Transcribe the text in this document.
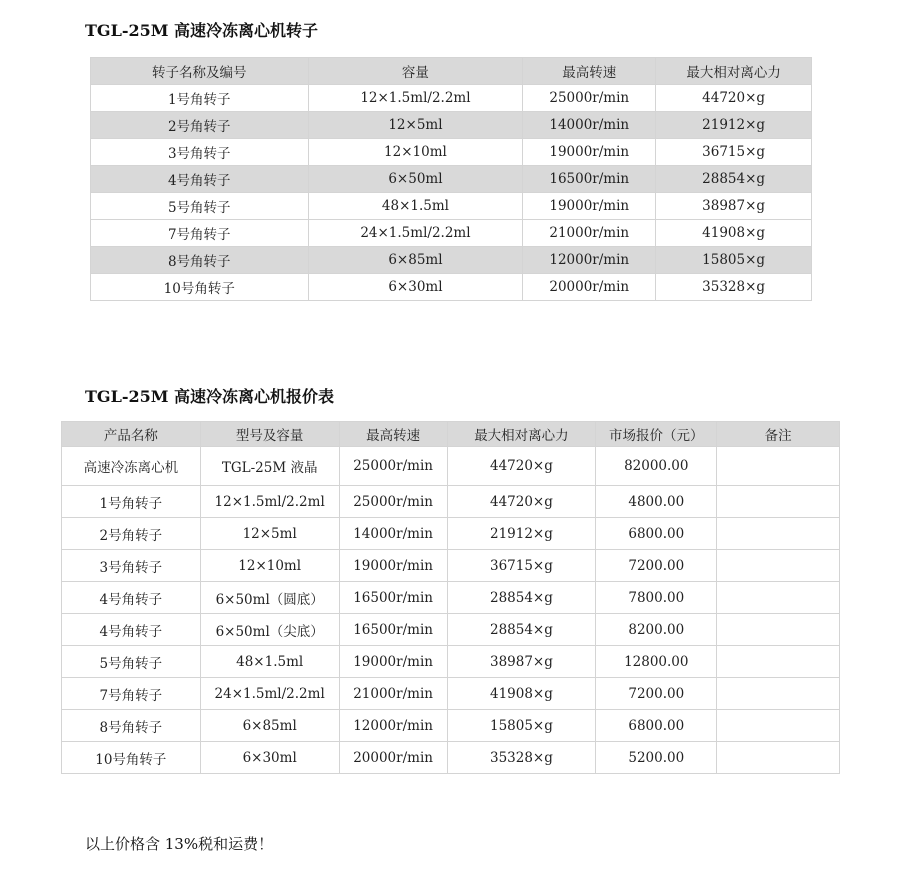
TGL-25M 高速冷冻离心机转子
转子名称及编号	容量	最高转速	最大相对离心力
1号角转子	12×1.5ml/2.2ml	25000r/min	44720×g
2号角转子	12×5ml	14000r/min	21912×g
3号角转子	12×10ml	19000r/min	36715×g
4号角转子	6×50ml	16500r/min	28854×g
5号角转子	48×1.5ml	19000r/min	38987×g
7号角转子	24×1.5ml/2.2ml	21000r/min	41908×g
8号角转子	6×85ml	12000r/min	15805×g
10号角转子	6×30ml	20000r/min	35328×g
TGL-25M 高速冷冻离心机报价表
产品名称	型号及容量	最高转速	最大相对离心力	市场报价（元）	备注
高速冷冻离心机	TGL-25M 液晶	25000r/min	44720×g	82000.00	
1号角转子	12×1.5ml/2.2ml	25000r/min	44720×g	4800.00	
2号角转子	12×5ml	14000r/min	21912×g	6800.00	
3号角转子	12×10ml	19000r/min	36715×g	7200.00	
4号角转子	6×50ml（圆底）	16500r/min	28854×g	7800.00	
4号角转子	6×50ml（尖底）	16500r/min	28854×g	8200.00	
5号角转子	48×1.5ml	19000r/min	38987×g	12800.00	
7号角转子	24×1.5ml/2.2ml	21000r/min	41908×g	7200.00	
8号角转子	6×85ml	12000r/min	15805×g	6800.00	
10号角转子	6×30ml	20000r/min	35328×g	5200.00	

以上价格含 13%税和运费！
